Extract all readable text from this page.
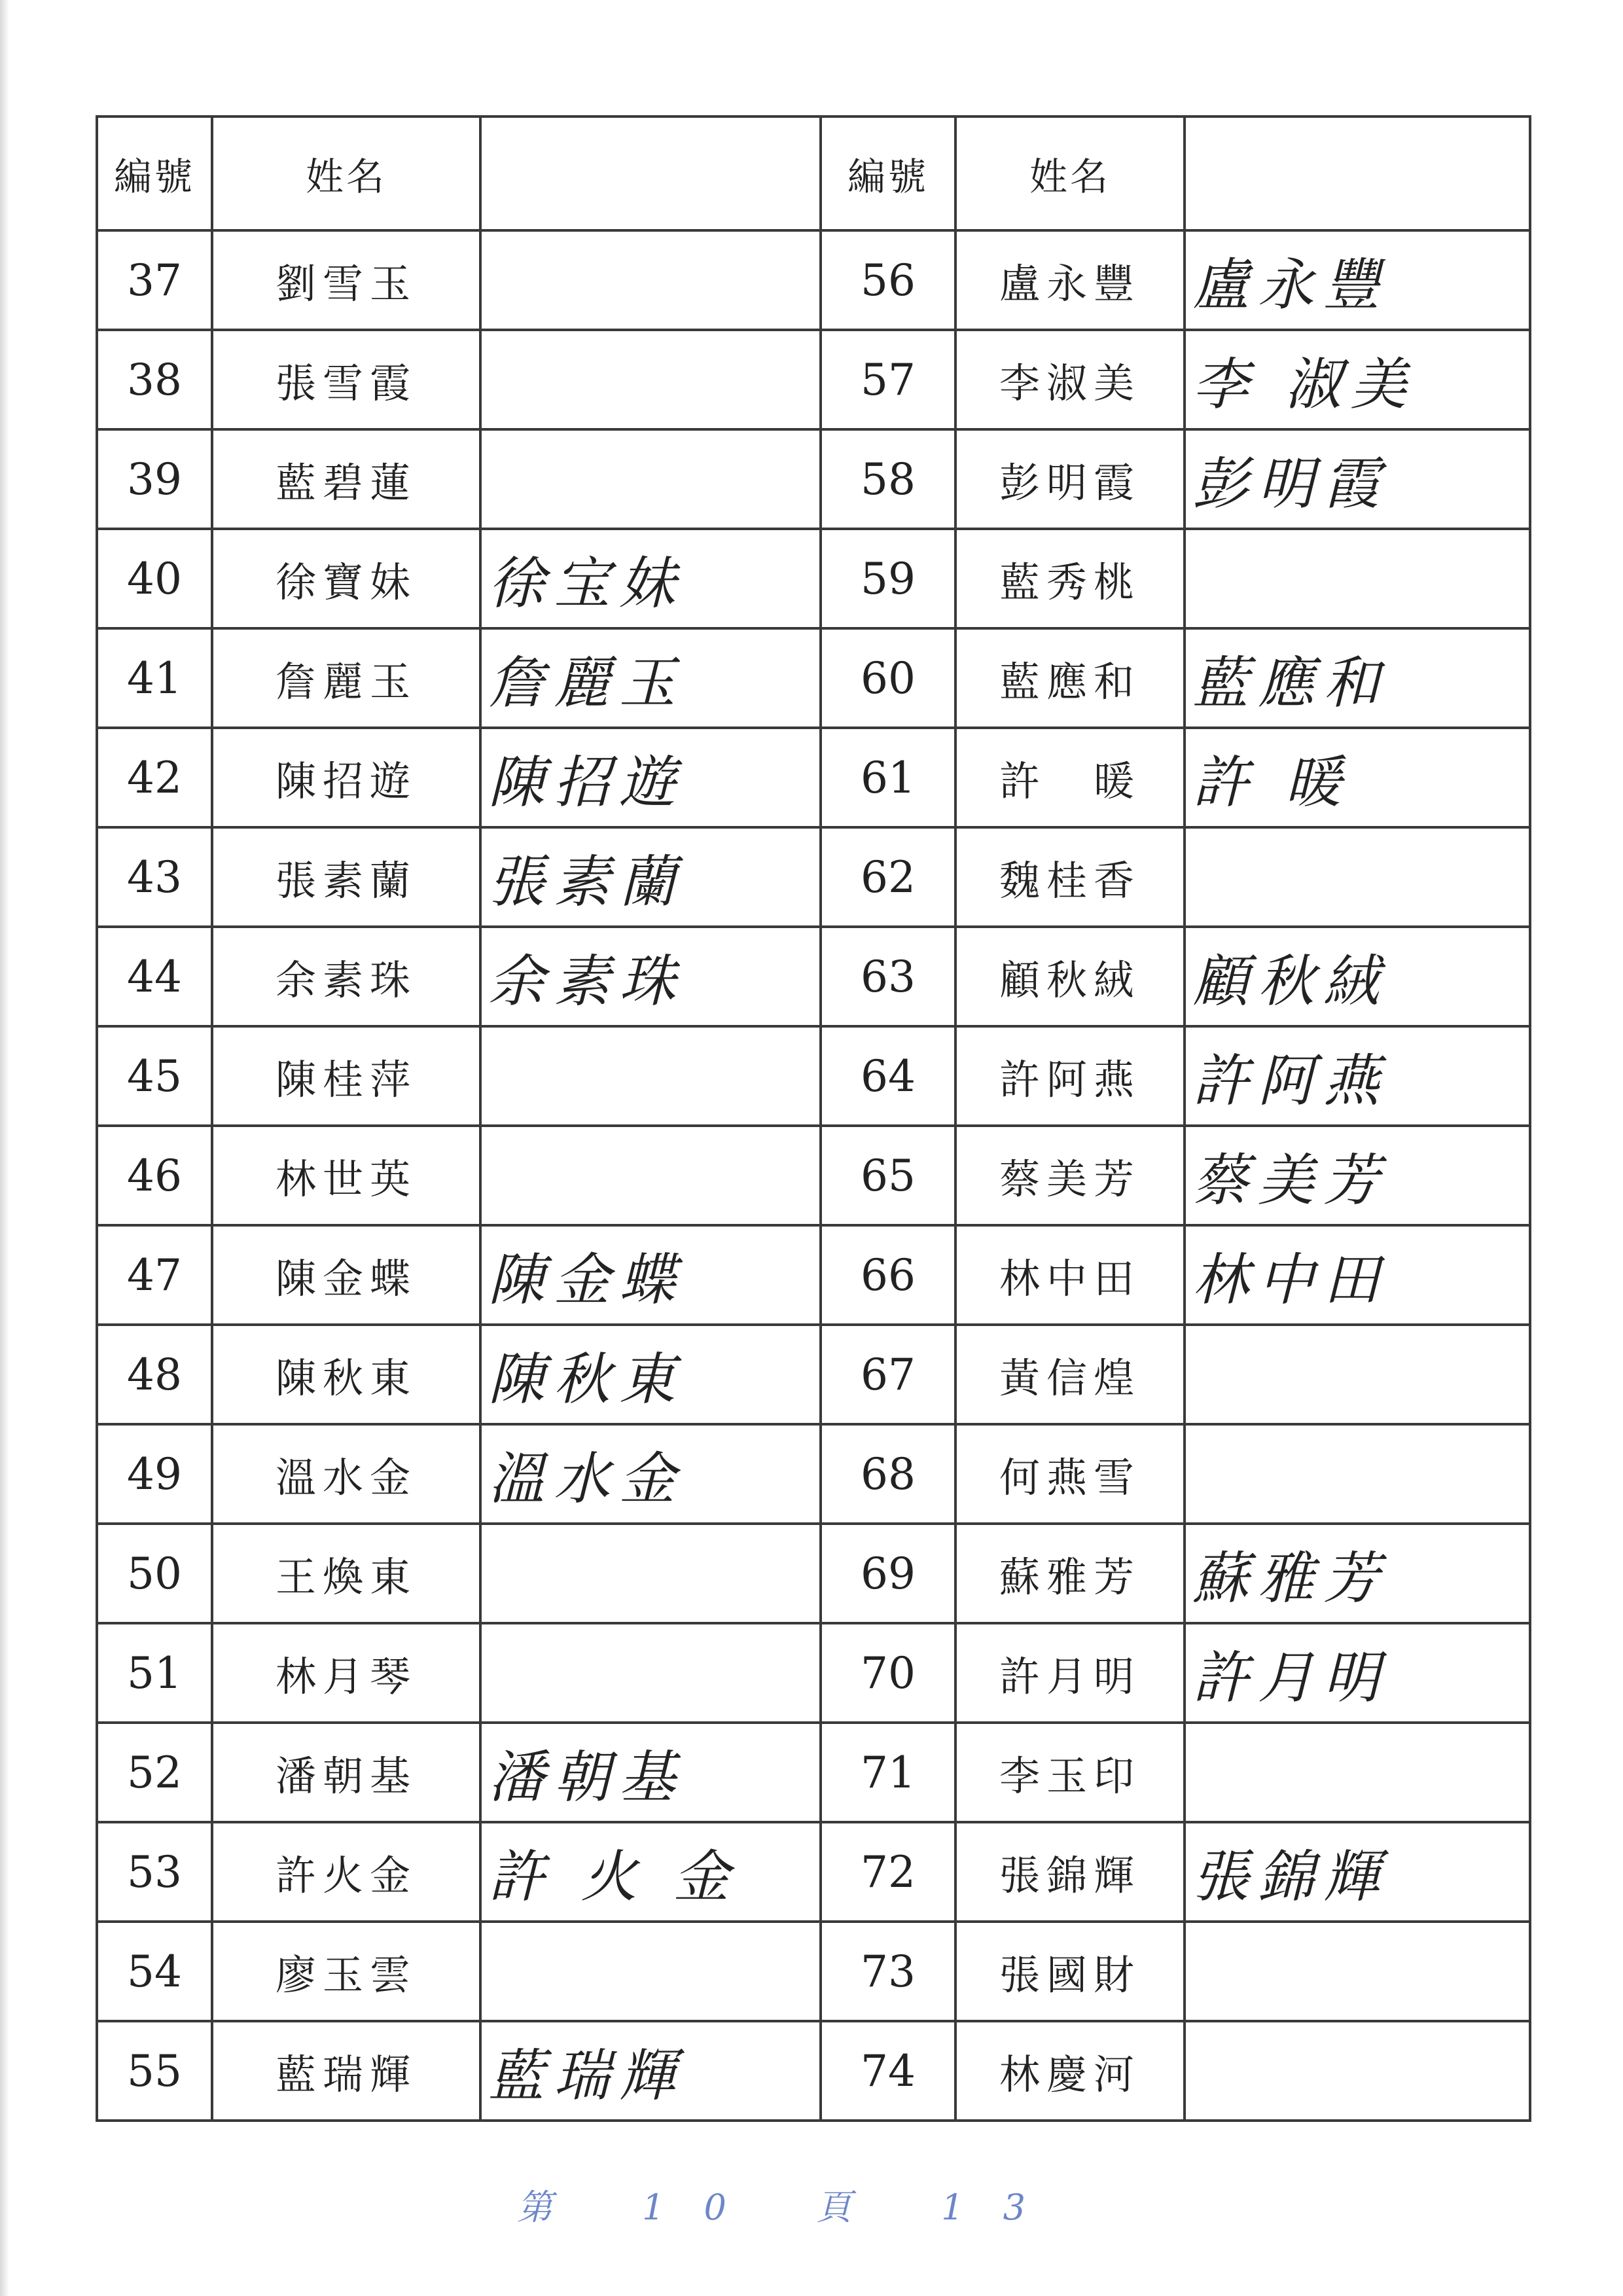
編號	姓名		編號	姓名	
37	劉雪玉		56	盧永豐	盧永豐
38	張雪霞		57	李淑美	李 淑美
39	藍碧蓮		58	彭明霞	彭明霞
40	徐寶妹	徐宝妹	59	藍秀桃	
41	詹麗玉	詹麗玉	60	藍應和	藍應和
42	陳招遊	陳招遊	61	許　暖	許 暖
43	張素蘭	張素蘭	62	魏桂香	
44	余素珠	余素珠	63	顧秋絨	顧秋絨
45	陳桂萍		64	許阿燕	許阿燕
46	林世英		65	蔡美芳	蔡美芳
47	陳金蝶	陳金蝶	66	林中田	林中田
48	陳秋東	陳秋東	67	黃信煌	
49	溫水金	溫水金	68	何燕雪	
50	王煥東		69	蘇雅芳	蘇雅芳
51	林月琴		70	許月明	許月明
52	潘朝基	潘朝基	71	李玉印	
53	許火金	許 火 金	72	張錦輝	張錦輝
54	廖玉雲		73	張國財	
55	藍瑞輝	藍瑞輝	74	林慶河	
第 10 頁 13
